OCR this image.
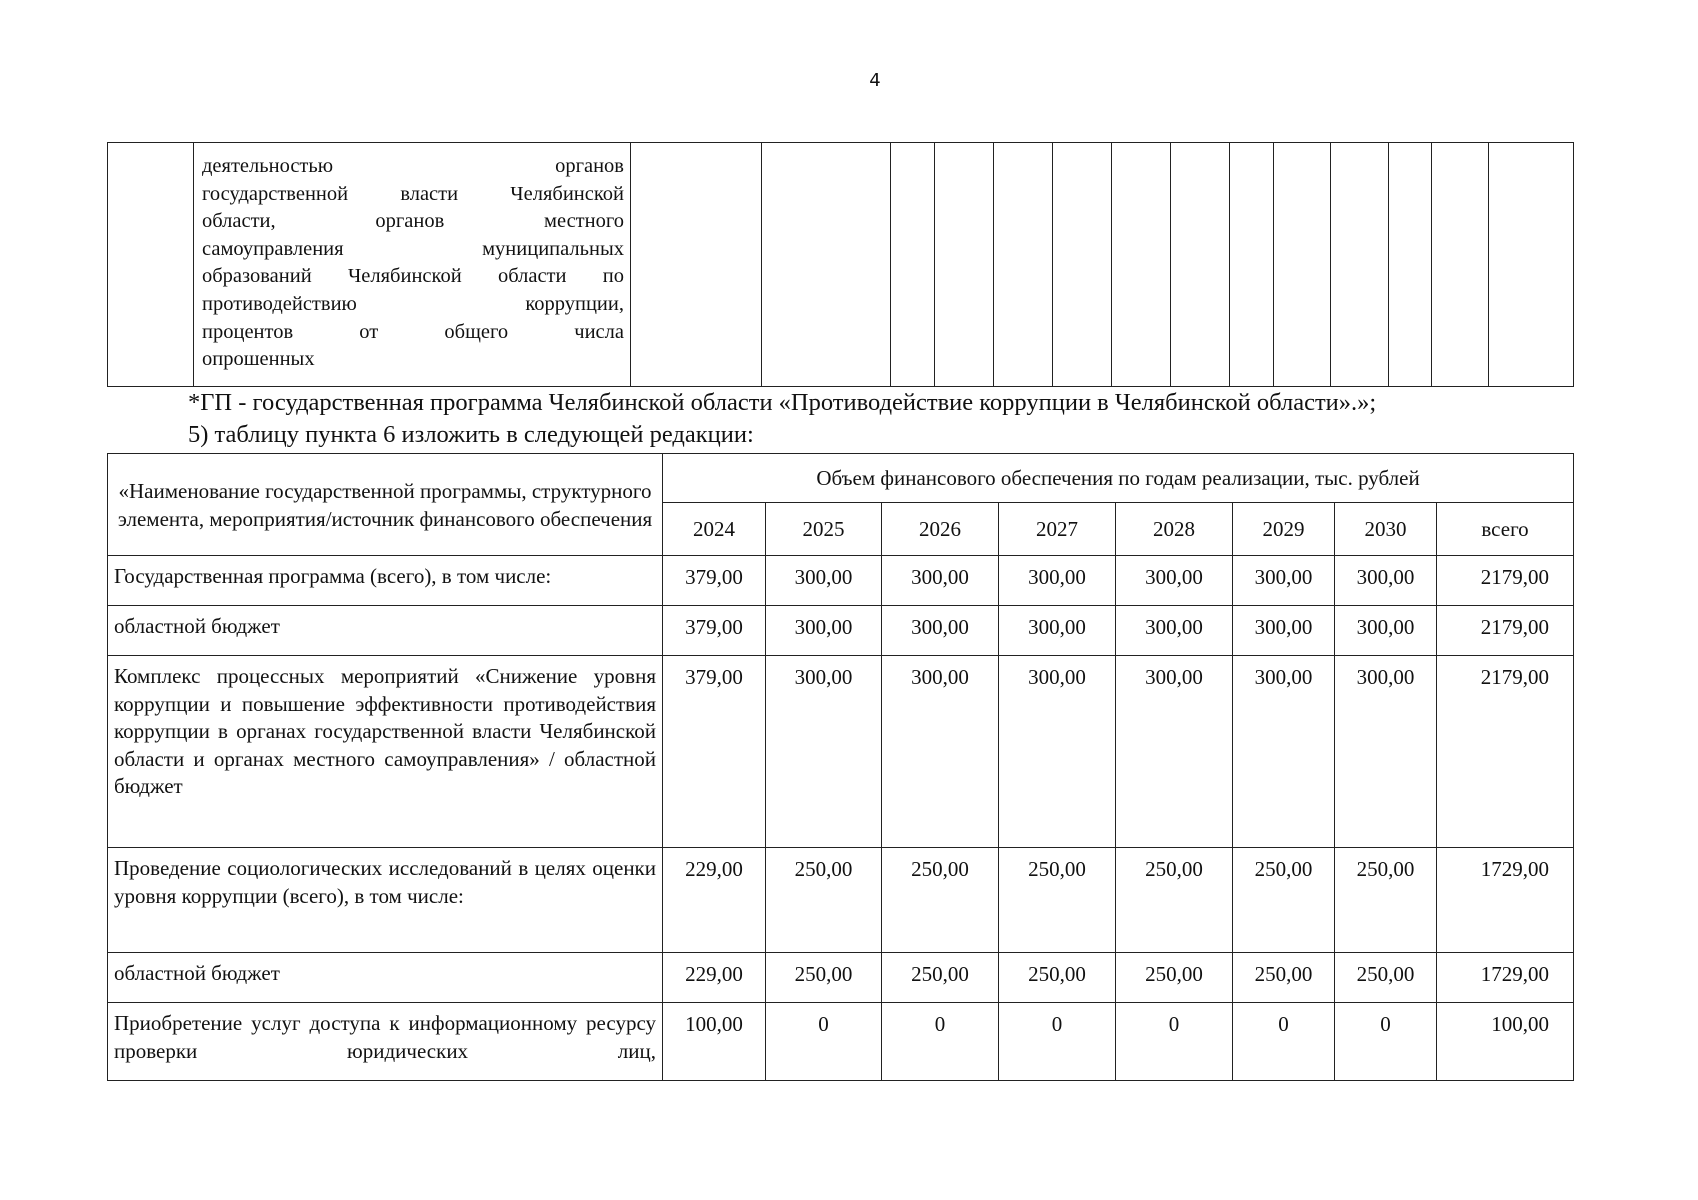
4

деятельностью органов
государственной власти Челябинской
области, органов местного
самоуправления муниципальных
образований Челябинской области по
противодействию коррупции,
процентов от общего числа
опрошенных

*ГП - государственная программа Челябинской области «Противодействие коррупции в Челябинской области».»;
5) таблицу пункта 6 изложить в следующей редакции:
«Наименование государственной программы, структурного элемента, мероприятия/источник финансового обеспечения	Объем финансового обеспечения по годам реализации, тыс. рублей							
	2024	2025	2026	2027	2028	2029	2030	всего
Государственная программа (всего), в том числе:	379,00	300,00	300,00	300,00	300,00	300,00	300,00	2179,00
областной бюджет	379,00	300,00	300,00	300,00	300,00	300,00	300,00	2179,00
Комплекс процессных мероприятий «Снижение уровня коррупции и повышение эффективности противодействия коррупции в органах государственной власти Челябинской области и органах местного самоуправления» / областной бюджет	379,00	300,00	300,00	300,00	300,00	300,00	300,00	2179,00
Проведение социологических исследований в целях оценки уровня коррупции (всего), в том числе:	229,00	250,00	250,00	250,00	250,00	250,00	250,00	1729,00
областной бюджет	229,00	250,00	250,00	250,00	250,00	250,00	250,00	1729,00
Приобретение услуг доступа к информационному ресурсу проверки юридических лиц,	100,00	0	0	0	0	0	0	100,00
